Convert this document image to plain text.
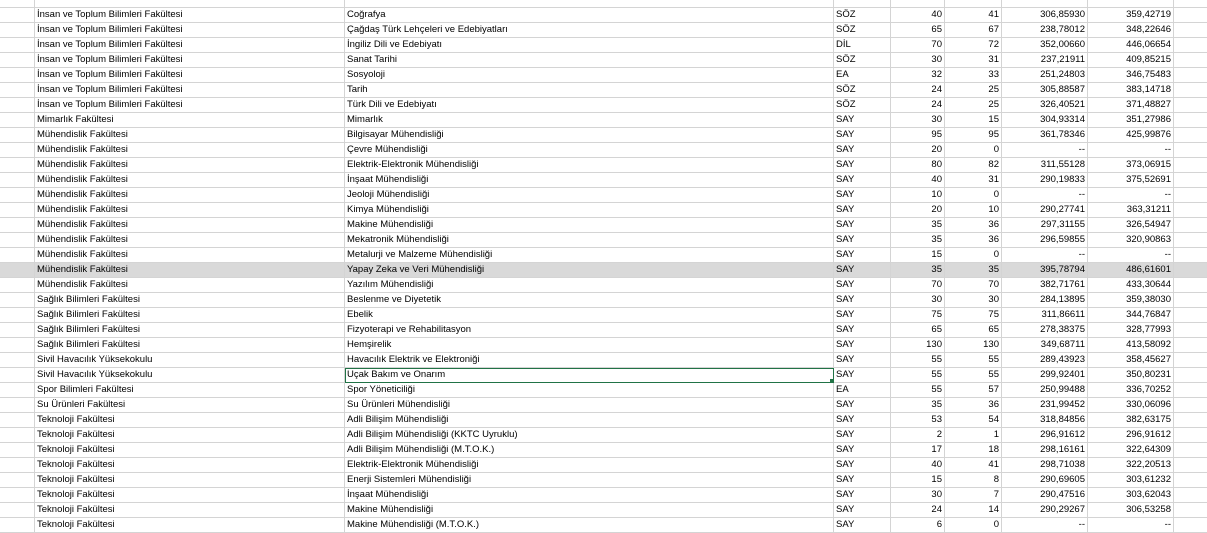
İnsan ve Toplum Bilimleri Fakültesi	Coğrafya	SÖZ	40	41	306,85930	359,42719
İnsan ve Toplum Bilimleri Fakültesi	Çağdaş Türk Lehçeleri ve Edebiyatları	SÖZ	65	67	238,78012	348,22646
İnsan ve Toplum Bilimleri Fakültesi	İngiliz Dili ve Edebiyatı	DİL	70	72	352,00660	446,06654
İnsan ve Toplum Bilimleri Fakültesi	Sanat Tarihi	SÖZ	30	31	237,21911	409,85215
İnsan ve Toplum Bilimleri Fakültesi	Sosyoloji	EA	32	33	251,24803	346,75483
İnsan ve Toplum Bilimleri Fakültesi	Tarih	SÖZ	24	25	305,88587	383,14718
İnsan ve Toplum Bilimleri Fakültesi	Türk Dili ve Edebiyatı	SÖZ	24	25	326,40521	371,48827
Mimarlık Fakültesi	Mimarlık	SAY	30	15	304,93314	351,27986
Mühendislik Fakültesi	Bilgisayar Mühendisliği	SAY	95	95	361,78346	425,99876
Mühendislik Fakültesi	Çevre Mühendisliği	SAY	20	0	--	--
Mühendislik Fakültesi	Elektrik-Elektronik Mühendisliği	SAY	80	82	311,55128	373,06915
Mühendislik Fakültesi	İnşaat Mühendisliği	SAY	40	31	290,19833	375,52691
Mühendislik Fakültesi	Jeoloji Mühendisliği	SAY	10	0	--	--
Mühendislik Fakültesi	Kimya Mühendisliği	SAY	20	10	290,27741	363,31211
Mühendislik Fakültesi	Makine Mühendisliği	SAY	35	36	297,31155	326,54947
Mühendislik Fakültesi	Mekatronik Mühendisliği	SAY	35	36	296,59855	320,90863
Mühendislik Fakültesi	Metalurji ve Malzeme Mühendisliği	SAY	15	0	--	--
Mühendislik Fakültesi	Yapay Zeka ve Veri Mühendisliği	SAY	35	35	395,78794	486,61601
Mühendislik Fakültesi	Yazılım Mühendisliği	SAY	70	70	382,71761	433,30644
Sağlık Bilimleri Fakültesi	Beslenme ve Diyetetik	SAY	30	30	284,13895	359,38030
Sağlık Bilimleri Fakültesi	Ebelik	SAY	75	75	311,86611	344,76847
Sağlık Bilimleri Fakültesi	Fizyoterapi ve Rehabilitasyon	SAY	65	65	278,38375	328,77993
Sağlık Bilimleri Fakültesi	Hemşirelik	SAY	130	130	349,68711	413,58092
Sivil Havacılık Yüksekokulu	Havacılık Elektrik ve Elektroniği	SAY	55	55	289,43923	358,45627
Sivil Havacılık Yüksekokulu	Uçak Bakım ve Onarım	SAY	55	55	299,92401	350,80231
Spor Bilimleri Fakültesi	Spor Yöneticiliği	EA	55	57	250,99488	336,70252
Su Ürünleri Fakültesi	Su Ürünleri Mühendisliği	SAY	35	36	231,99452	330,06096
Teknoloji Fakültesi	Adli Bilişim Mühendisliği	SAY	53	54	318,84856	382,63175
Teknoloji Fakültesi	Adli Bilişim Mühendisliği (KKTC Uyruklu)	SAY	2	1	296,91612	296,91612
Teknoloji Fakültesi	Adli Bilişim Mühendisliği (M.T.O.K.)	SAY	17	18	298,16161	322,64309
Teknoloji Fakültesi	Elektrik-Elektronik Mühendisliği	SAY	40	41	298,71038	322,20513
Teknoloji Fakültesi	Enerji Sistemleri Mühendisliği	SAY	15	8	290,69605	303,61232
Teknoloji Fakültesi	İnşaat Mühendisliği	SAY	30	7	290,47516	303,62043
Teknoloji Fakültesi	Makine Mühendisliği	SAY	24	14	290,29267	306,53258
Teknoloji Fakültesi	Makine Mühendisliği (M.T.O.K.)	SAY	6	0	--	--
